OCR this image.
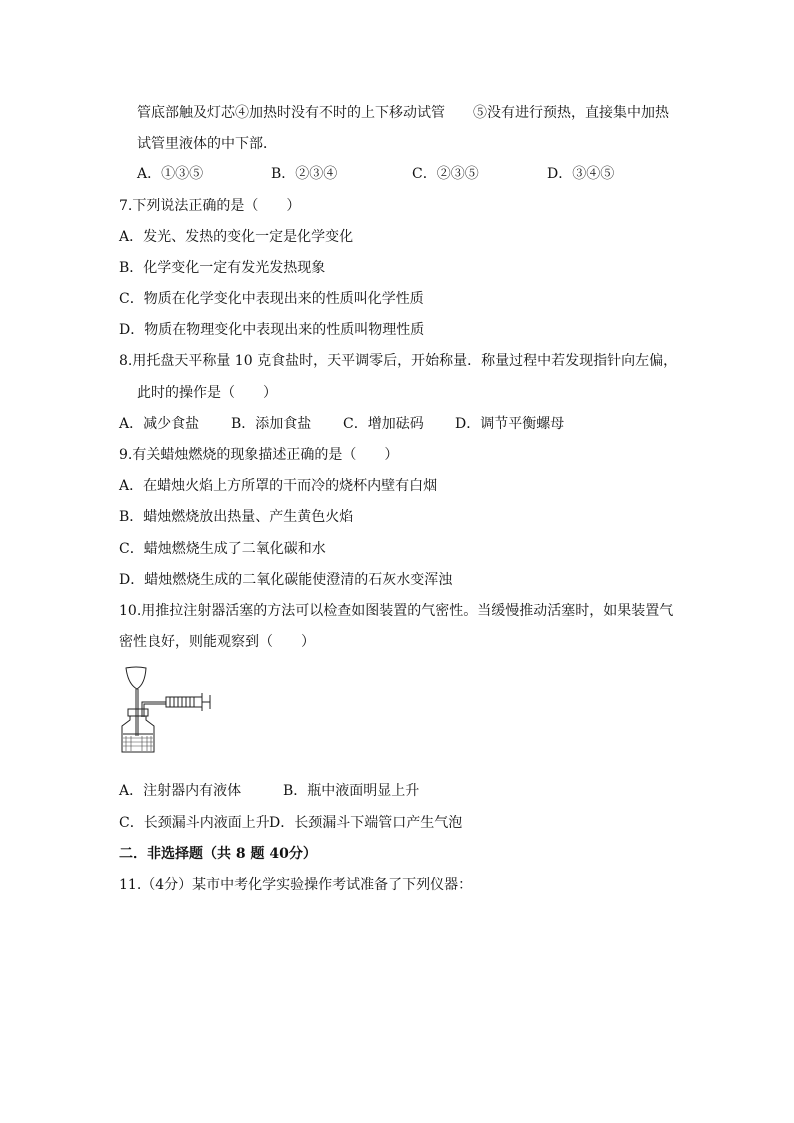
管底部触及灯芯④加热时没有不时的上下移动试管　　⑤没有进行预热，直接集中加热
试管里液体的中下部．
A．①③⑤	B．②③④	C．②③⑤	D．③④⑤
7.下列说法正确的是（　　）
A．发光、发热的变化一定是化学变化
B．化学变化一定有发光发热现象
C．物质在化学变化中表现出来的性质叫化学性质
D．物质在物理变化中表现出来的性质叫物理性质
8.用托盘天平称量 10 克食盐时，天平调零后，开始称量．称量过程中若发现指针向左偏，
此时的操作是（　　）
A．减少食盐 B．添加食盐 C．增加砝码 D．调节平衡螺母
9.有关蜡烛燃烧的现象描述正确的是（　　）
A．在蜡烛火焰上方所罩的干而冷的烧杯内壁有白烟
B．蜡烛燃烧放出热量、产生黄色火焰
C．蜡烛燃烧生成了二氧化碳和水
D．蜡烛燃烧生成的二氧化碳能使澄清的石灰水变浑浊
10.用推拉注射器活塞的方法可以检查如图装置的气密性。当缓慢推动活塞时，如果装置气
密性良好，则能观察到（　　）
A．注射器内有液体	B．瓶中液面明显上升
C．长颈漏斗内液面上升 D．长颈漏斗下端管口产生气泡
二．非选择题（共 8 题 40分）
11.（4分）某市中考化学实验操作考试准备了下列仪器：
